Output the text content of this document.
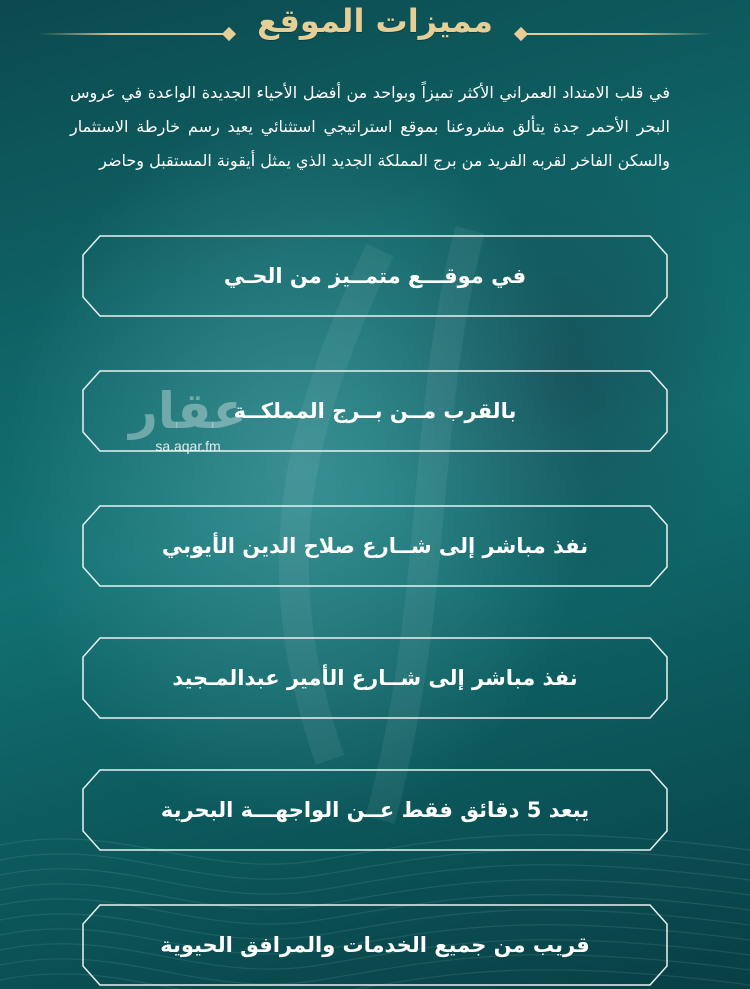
مميزات الموقع

في قلب الامتداد العمراني الأكثر تميزاً وبواحد من أفضل الأحياء الجديدة الواعدة في عروس البحر الأحمر جدة يتألق مشروعنا بموقع استراتيجي استثنائي يعيد رسم خارطة الاستثمار والسكن الفاخر لقربه الفريد من برج المملكة الجديد الذي يمثل أيقونة المستقبل وحاضر

في موقـــع متمــيز من الحـي
بالقرب مــن بــرج المملكــة
نفذ مباشر إلى شــارع صلاح الدين الأيوبي
نفذ مباشر إلى شــارع الأمير عبدالمـجيد
يبعد 5 دقائق فقط عــن الواجهـــة البحرية
قريب من جميع الخدمات والمرافق الحيوية
عقار
sa.aqar.fm
